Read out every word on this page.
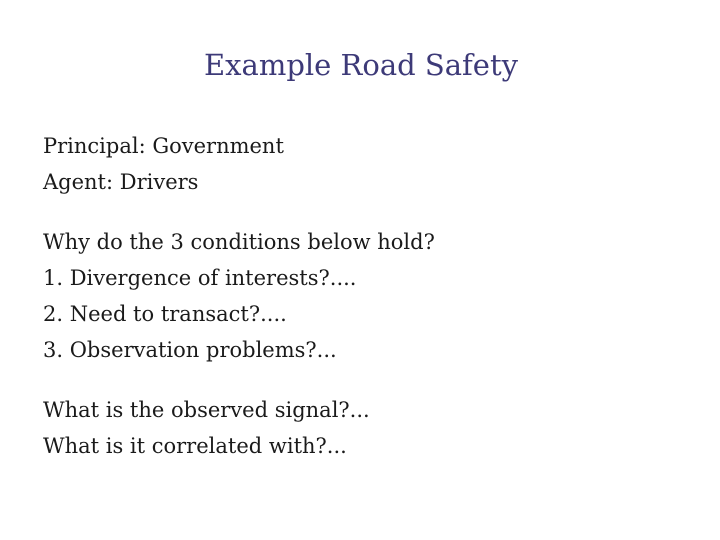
Example Road Safety
Principal: Government
Agent: Drivers
Why do the 3 conditions below hold?
1. Divergence of interests?....
2. Need to transact?....
3. Observation problems?...
What is the observed signal?...
What is it correlated with?...
